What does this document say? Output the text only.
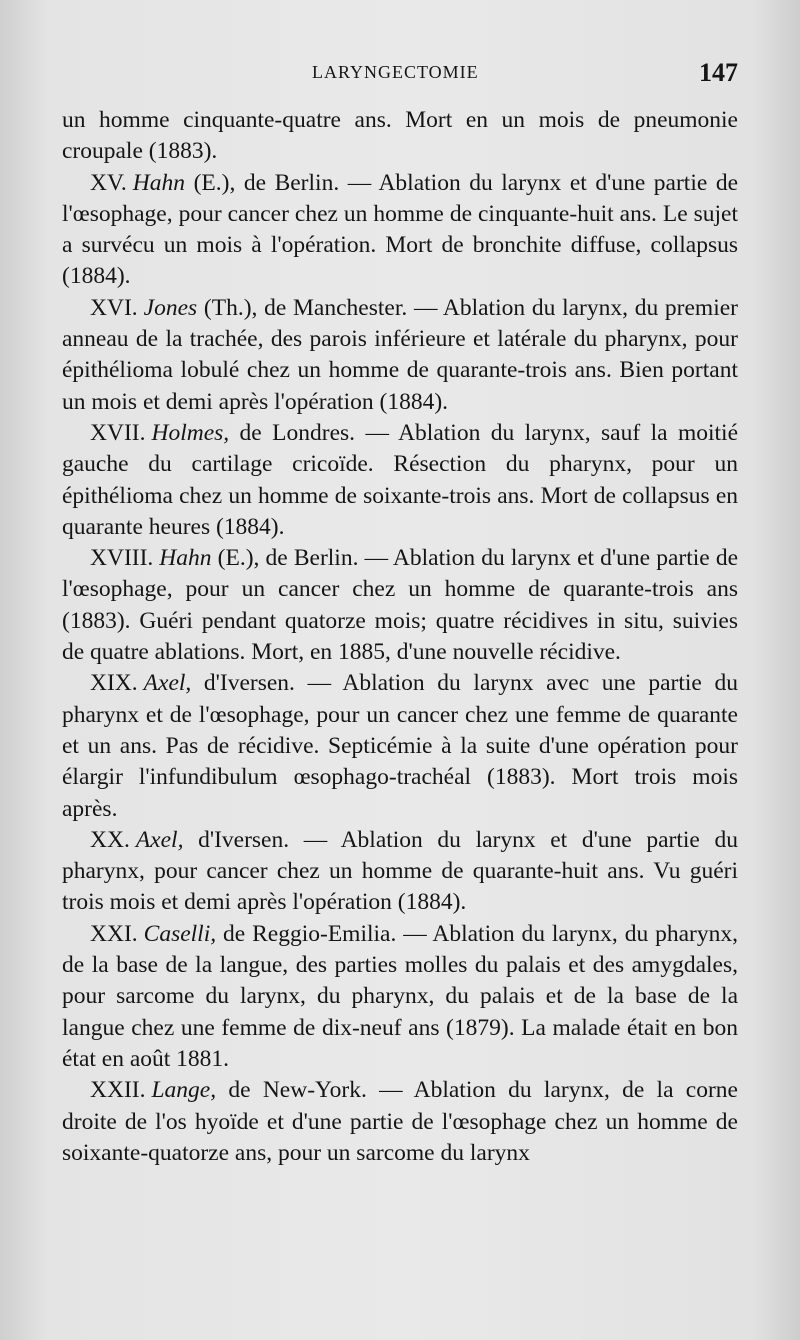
LARYNGECTOMIE	147

un homme cinquante-quatre ans. Mort en un mois de pneumonie croupale (1883).

XV. Hahn (E.), de Berlin. — Ablation du larynx et d'une partie de l'œsophage, pour cancer chez un homme de cinquante-huit ans. Le sujet a survécu un mois à l'opération. Mort de bronchite diffuse, collapsus (1884).

XVI. Jones (Th.), de Manchester. — Ablation du larynx, du premier anneau de la trachée, des parois inférieure et latérale du pharynx, pour épithélioma lobulé chez un homme de quarante-trois ans. Bien portant un mois et demi après l'opération (1884).

XVII. Holmes, de Londres. — Ablation du larynx, sauf la moitié gauche du cartilage cricoïde. Résection du pharynx, pour un épithélioma chez un homme de soixante-trois ans. Mort de collapsus en quarante heures (1884).

XVIII. Hahn (E.), de Berlin. — Ablation du larynx et d'une partie de l'œsophage, pour un cancer chez un homme de quarante-trois ans (1883). Guéri pendant quatorze mois; quatre récidives in situ, suivies de quatre ablations. Mort, en 1885, d'une nouvelle récidive.

XIX. Axel, d'Iversen. — Ablation du larynx avec une partie du pharynx et de l'œsophage, pour un cancer chez une femme de quarante et un ans. Pas de récidive. Septicémie à la suite d'une opération pour élargir l'infundibulum œsophago-trachéal (1883). Mort trois mois après.

XX. Axel, d'Iversen. — Ablation du larynx et d'une partie du pharynx, pour cancer chez un homme de quarante-huit ans. Vu guéri trois mois et demi après l'opération (1884).

XXI. Caselli, de Reggio-Emilia. — Ablation du larynx, du pharynx, de la base de la langue, des parties molles du palais et des amygdales, pour sarcome du larynx, du pharynx, du palais et de la base de la langue chez une femme de dix-neuf ans (1879). La malade était en bon état en août 1881.

XXII. Lange, de New-York. — Ablation du larynx, de la corne droite de l'os hyoïde et d'une partie de l'œsophage chez un homme de soixante-quatorze ans, pour un sarcome du larynx
